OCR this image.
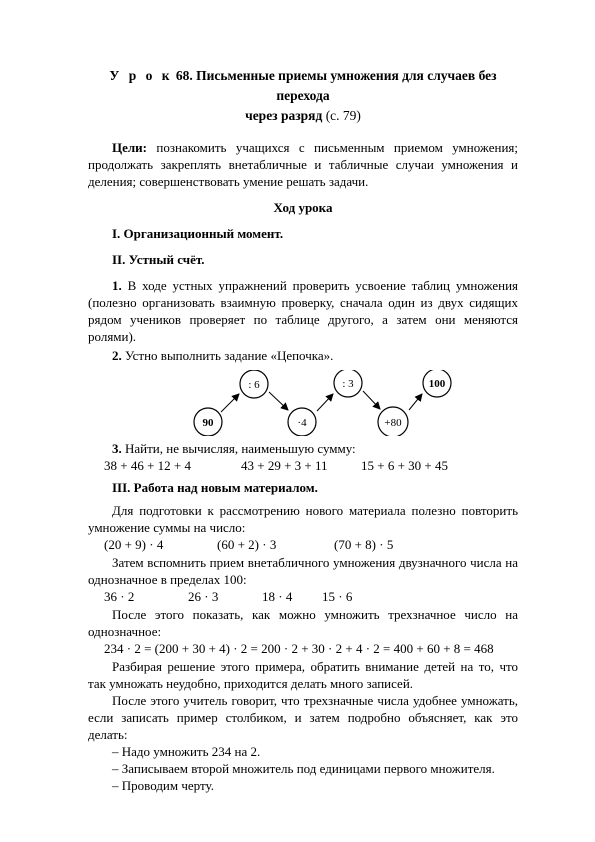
У р о к 68. Письменные приемы умножения для случаев без перехода
через разряд (с. 79)

Цели: познакомить учащихся с письменным приемом умножения; продолжать закреплять внетабличные и табличные случаи умножения и деления; совершенствовать умение решать задачи.

Ход урока
I. Организационный момент.
II. Устный счёт.

1. В ходе устных упражнений проверить усвоение таблиц умножения (полезно организовать взаимную проверку, сначала один из двух сидящих рядом учеников проверяет по таблице другого, а затем они меняются ролями).

2. Устно выполнить задание «Цепочка».

90
: 6
·4
: 3
+80
100

3. Найти, не вычисляя, наименьшую сумму:

38 + 46 + 12 + 4	43 + 29 + 3 + 11	15 + 6 + 30 + 45
III. Работа над новым материалом.

Для подготовки к рассмотрению нового материала полезно повторить умножение суммы на число:

(20 + 9) · 4	(60 + 2) · 3	(70 + 8) · 5

Затем вспомнить прием внетабличного умножения двузначного числа на однозначное в пределах 100:

36 · 2	26 · 3	18 · 4	15 · 6

После этого показать, как можно умножить трехзначное число на однозначное:

234 · 2 = (200 + 30 + 4) · 2 = 200 · 2 + 30 · 2 + 4 · 2 = 400 + 60 + 8 = 468

Разбирая решение этого примера, обратить внимание детей на то, что так умножать неудобно, приходится делать много записей.

После этого учитель говорит, что трехзначные числа удобнее умножать, если записать пример столбиком, и затем подробно объясняет, как это делать:

– Надо умножить 234 на 2.

– Записываем второй множитель под единицами первого множителя.

– Проводим черту.
